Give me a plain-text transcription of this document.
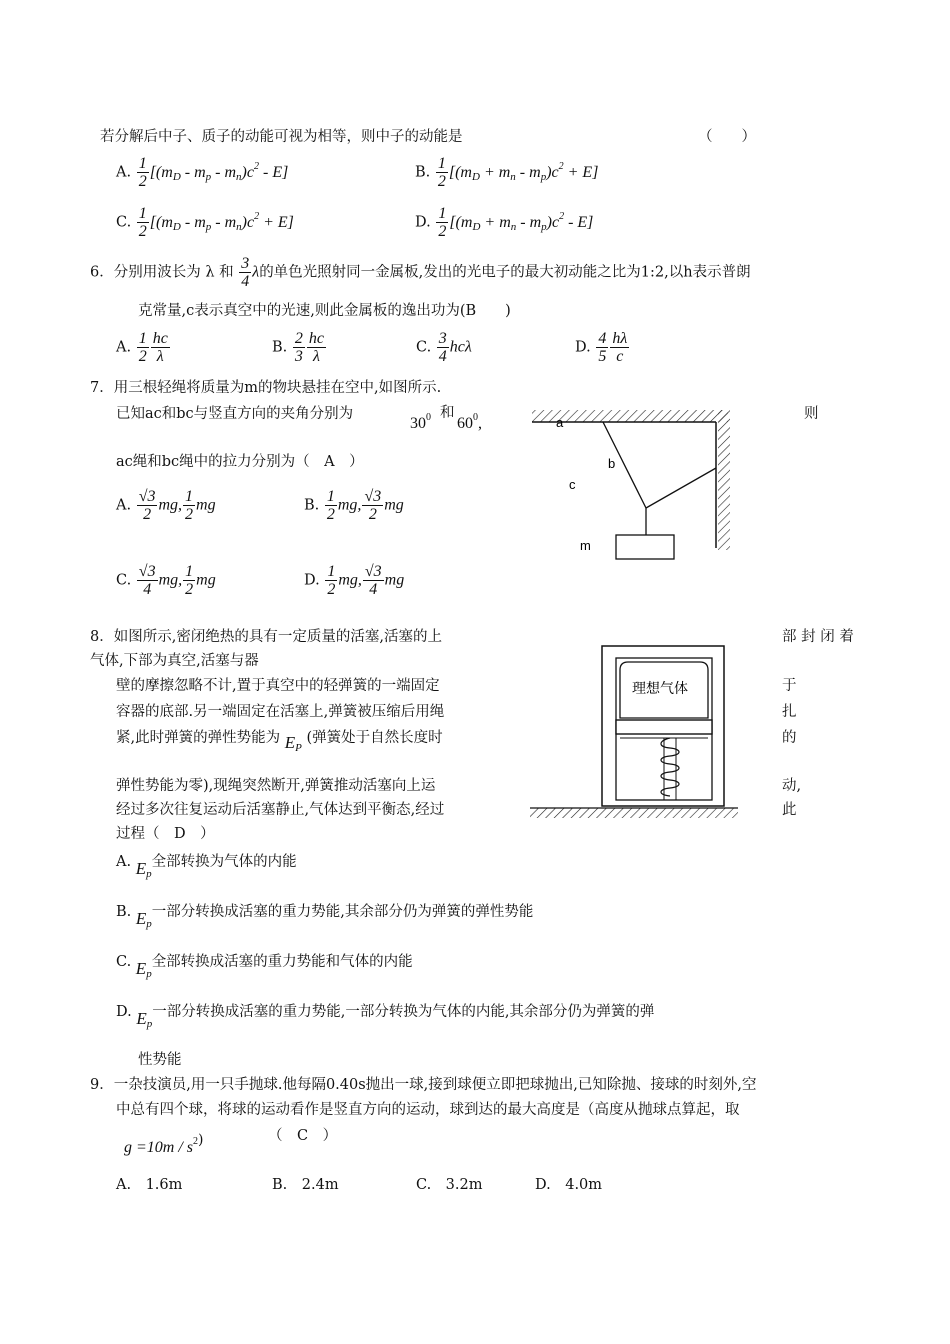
若分解后中子、质子的动能可视为相等，则中子的动能是	（　　）
A. $\frac{1}{2} [(m_D - m_p - m_n)c^2 - E]$	B. $\frac{1}{2} [(m_D + m_n - m_p)c^2 + E]$
C. $\frac{1}{2} [(m_D - m_p - m_n)c^2 + E]$	D. $\frac{1}{2} [(m_D + m_n - m_p)c^2 - E]$
6．分别用波长为 λ 和 $\frac{3}{4}$ λ的单色光照射同一金属板,发出的光电子的最大初动能之比为1:2,以h表示普朗
克常量,c表示真空中的光速,则此金属板的逸出功为(B　　)
A. $\frac{1}{2} \frac{hc}{\lambda}$	B. $\frac{2}{3} \frac{hc}{\lambda}$	C. $\frac{3}{4}$ hcλ	D. $\frac{4}{5} \frac{h\lambda}{c}$
7．用三根轻绳将质量为m的物块悬挂在空中,如图所示.
已知ac和bc与竖直方向的夹角分别为
$30^0$ 和
$60^0$,
则
ac绳和bc绳中的拉力分别为（　A　）
A. $\frac{√3}{2}$ mg, $\frac{1}{2}$ mg	B. $\frac{1}{2}$ mg, $\frac{√3}{2}$ mg
C. $\frac{√3}{4}$ mg, $\frac{1}{2}$ mg	D. $\frac{1}{2}$ mg, $\frac{√3}{4}$ mg
a
b
c
m
8．如图所示,密闭绝热的具有一定质量的活塞,活塞的上	部 封 闭 着
气体,下部为真空,活塞与器
壁的摩擦忽略不计,置于真空中的轻弹簧的一端固定	于
容器的底部.另一端固定在活塞上,弹簧被压缩后用绳	扎
紧,此时弹簧的弹性势能为 $E_P$ (弹簧处于自然长度时	的
弹性势能为零),现绳突然断开,弹簧推动活塞向上运	动,
经过多次往复运动后活塞静止,气体达到平衡态,经过	此
过程（　D　）
理想气体
A. $E_p$全部转换为气体的内能
B. $E_p$一部分转换成活塞的重力势能,其余部分仍为弹簧的弹性势能
C. $E_p$全部转换成活塞的重力势能和气体的内能
D. $E_p$一部分转换成活塞的重力势能,一部分转换为气体的内能,其余部分仍为弹簧的弹
性势能
9．一杂技演员,用一只手抛球.他每隔0.40s抛出一球,接到球便立即把球抛出,已知除抛、接球的时刻外,空
中总有四个球，将球的运动看作是竖直方向的运动，球到达的最大高度是（高度从抛球点算起，取
$g =10m / s^2$)	（　C　）
A.　1.6m	B.　2.4m	C.　3.2m	D.　4.0m
